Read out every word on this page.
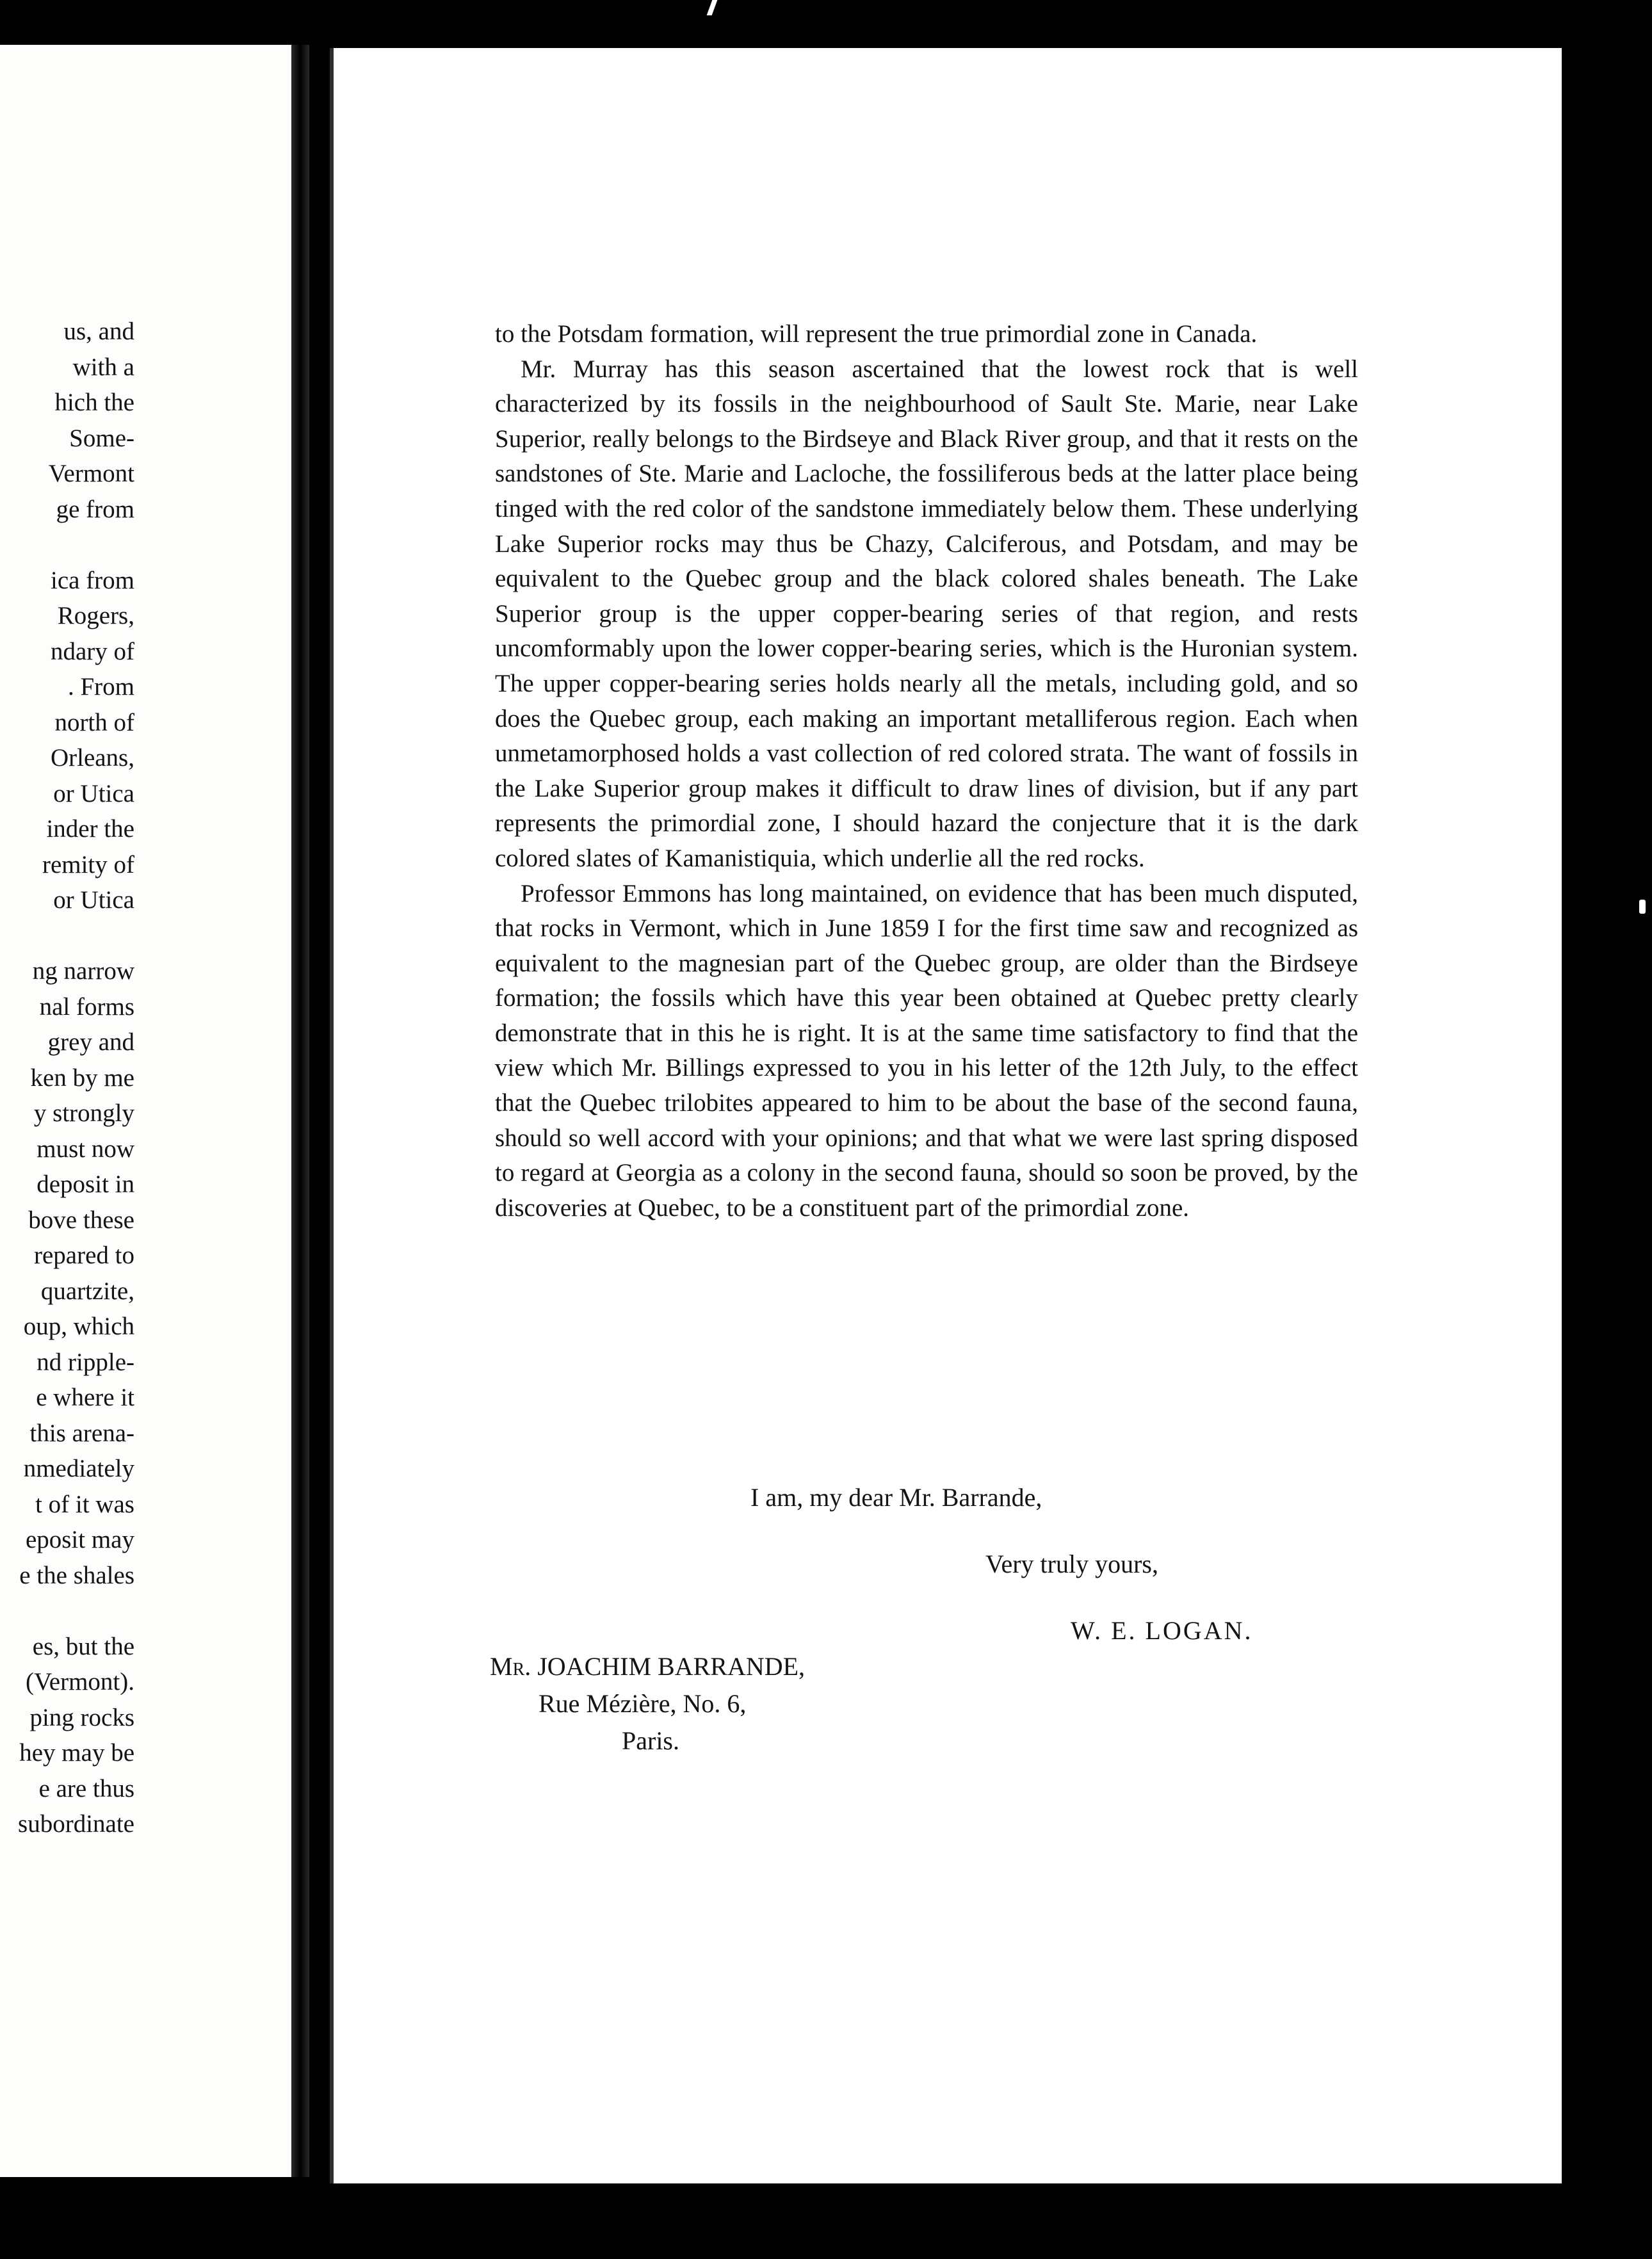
us, and
with a
hich the
Some-
Vermont
ge from
ica from
Rogers,
ndary of
. From
north of
Orleans,
or Utica
inder the
remity of
or Utica
ng narrow
nal forms
grey and
ken by me
y strongly
must now
deposit in
bove these
repared to
quartzite,
oup, which
nd ripple-
e where it
this arena-
nmediately
t of it was
eposit may
e the shales
es, but the
(Vermont).
ping rocks
hey may be
e are thus
subordinate

to the Potsdam formation, will represent the true primordial zone in Canada.

Mr. Murray has this season ascertained that the lowest rock that is well characterized by its fossils in the neighbourhood of Sault Ste. Marie, near Lake Superior, really belongs to the Birdseye and Black River group, and that it rests on the sandstones of Ste. Marie and Lacloche, the fossiliferous beds at the latter place being tinged with the red color of the sandstone immediately below them. These underlying Lake Superior rocks may thus be Chazy, Calciferous, and Potsdam, and may be equivalent to the Quebec group and the black colored shales beneath. The Lake Superior group is the upper copper-bearing series of that region, and rests uncomformably upon the lower copper-bearing series, which is the Huronian system. The upper copper-bearing series holds nearly all the metals, including gold, and so does the Quebec group, each making an important metalliferous region. Each when unmetamorphosed holds a vast collection of red colored strata. The want of fossils in the Lake Superior group makes it difficult to draw lines of division, but if any part represents the primordial zone, I should hazard the conjecture that it is the dark colored slates of Kamanistiquia, which underlie all the red rocks.

Professor Emmons has long maintained, on evidence that has been much disputed, that rocks in Vermont, which in June 1859 I for the first time saw and recognized as equivalent to the magnesian part of the Quebec group, are older than the Birdseye formation; the fossils which have this year been obtained at Quebec pretty clearly demonstrate that in this he is right. It is at the same time satisfactory to find that the view which Mr. Billings expressed to you in his letter of the 12th July, to the effect that the Quebec trilobites appeared to him to be about the base of the second fauna, should so well accord with your opinions; and that what we were last spring disposed to regard at Georgia as a colony in the second fauna, should so soon be proved, by the discoveries at Quebec, to be a constituent part of the primordial zone.

I am, my dear Mr. Barrande,
Very truly yours,
W. E. LOGAN.
Mr. JOACHIM BARRANDE,
Rue Mézière, No. 6,
Paris.
